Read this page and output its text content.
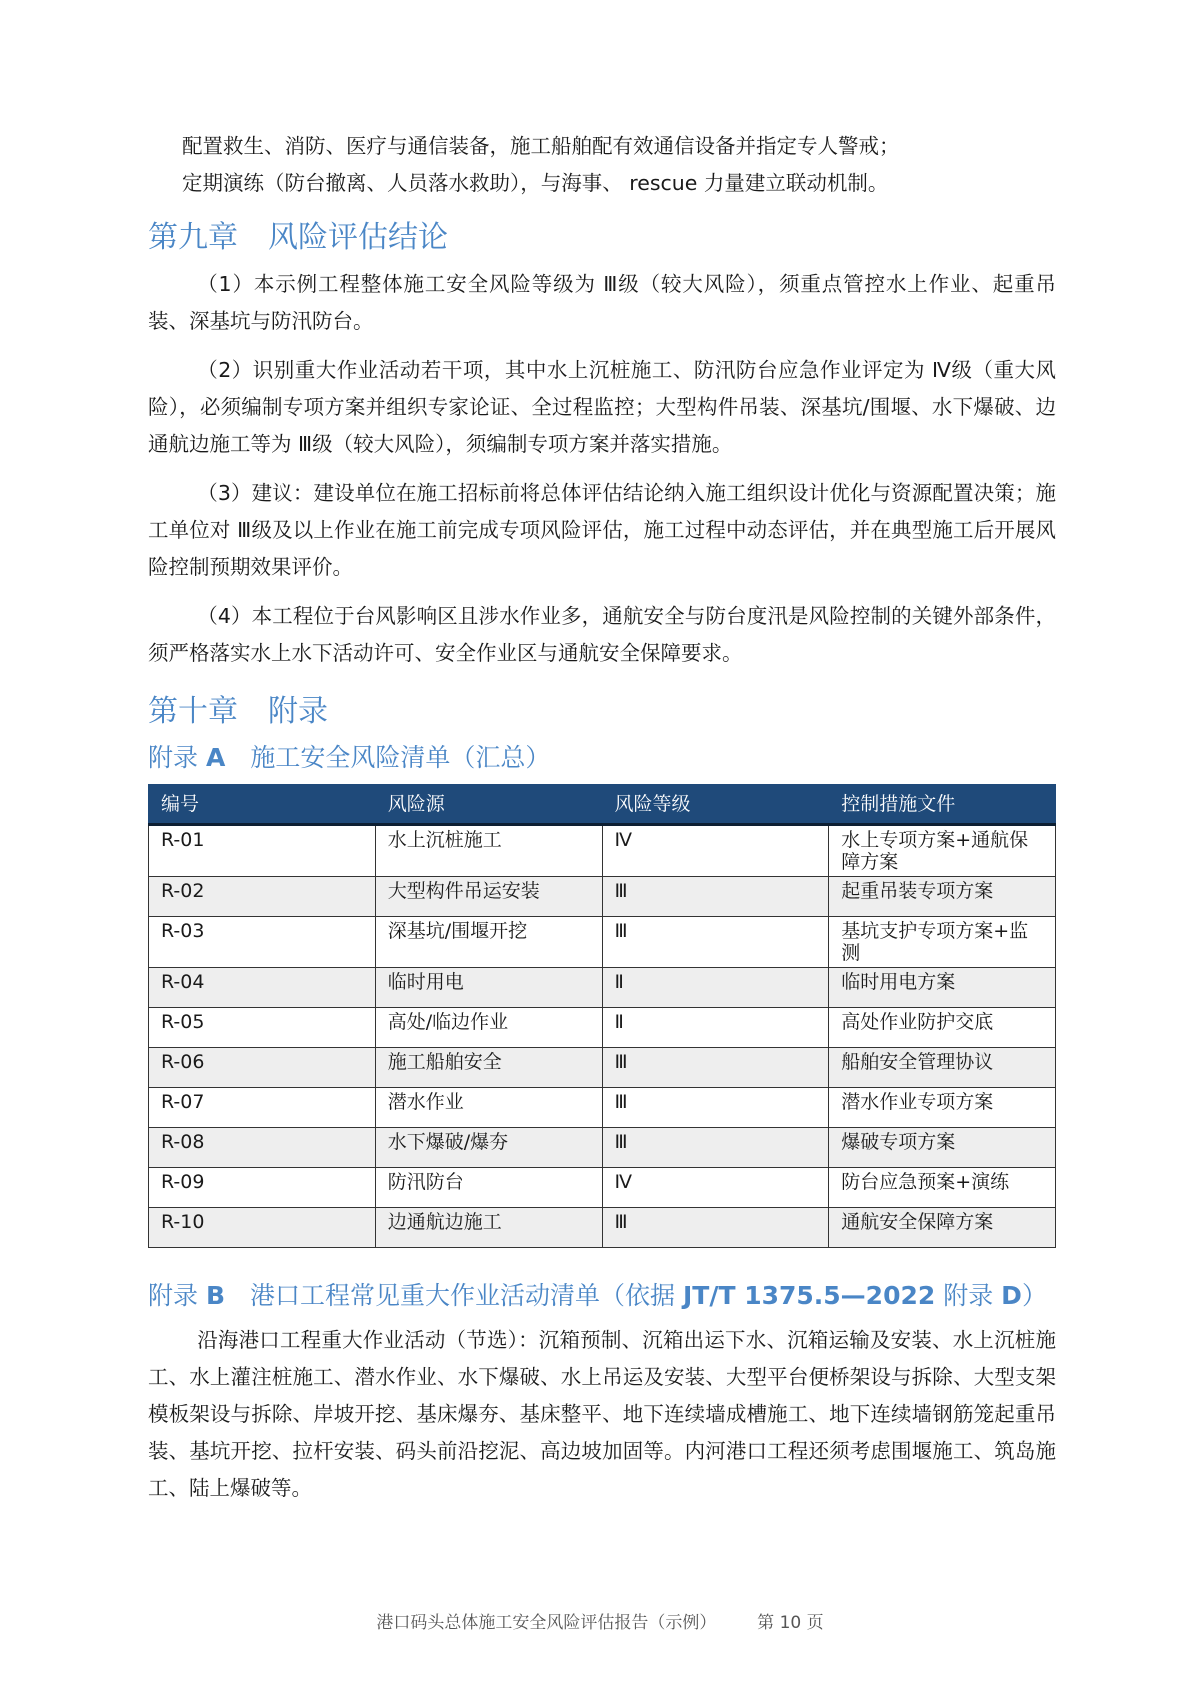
配置救生、消防、医疗与通信装备，施工船舶配有效通信设备并指定专人警戒；

定期演练（防台撤离、人员落水救助），与海事、 rescue 力量建立联动机制。

第九章　风险评估结论

（1）本示例工程整体施工安全风险等级为 Ⅲ级（较大风险），须重点管控水上作业、起重吊装、深基坑与防汛防台。

（2）识别重大作业活动若干项，其中水上沉桩施工、防汛防台应急作业评定为 Ⅳ级（重大风险），必须编制专项方案并组织专家论证、全过程监控；大型构件吊装、深基坑/围堰、水下爆破、边通航边施工等为 Ⅲ级（较大风险），须编制专项方案并落实措施。

（3）建议：建设单位在施工招标前将总体评估结论纳入施工组织设计优化与资源配置决策；施工单位对 Ⅲ级及以上作业在施工前完成专项风险评估，施工过程中动态评估，并在典型施工后开展风险控制预期效果评价。

（4）本工程位于台风影响区且涉水作业多，通航安全与防台度汛是风险控制的关键外部条件，须严格落实水上水下活动许可、安全作业区与通航安全保障要求。

第十章　附录
附录 A　施工安全风险清单（汇总）
编号	风险源	风险等级	控制措施文件
R-01	水上沉桩施工	Ⅳ	水上专项方案+通航保障方案
R-02	大型构件吊运安装	Ⅲ	起重吊装专项方案
R-03	深基坑/围堰开挖	Ⅲ	基坑支护专项方案+监测
R-04	临时用电	Ⅱ	临时用电方案
R-05	高处/临边作业	Ⅱ	高处作业防护交底
R-06	施工船舶安全	Ⅲ	船舶安全管理协议
R-07	潜水作业	Ⅲ	潜水作业专项方案
R-08	水下爆破/爆夯	Ⅲ	爆破专项方案
R-09	防汛防台	Ⅳ	防台应急预案+演练
R-10	边通航边施工	Ⅲ	通航安全保障方案
附录 B　港口工程常见重大作业活动清单（依据 JT/T 1375.5—2022 附录 D）

沿海港口工程重大作业活动（节选）：沉箱预制、沉箱出运下水、沉箱运输及安装、水上沉桩施工、水上灌注桩施工、潜水作业、水下爆破、水上吊运及安装、大型平台便桥架设与拆除、大型支架模板架设与拆除、岸坡开挖、基床爆夯、基床整平、地下连续墙成槽施工、地下连续墙钢筋笼起重吊装、基坑开挖、拉杆安装、码头前沿挖泥、高边坡加固等。内河港口工程还须考虑围堰施工、筑岛施工、陆上爆破等。

港口码头总体施工安全风险评估报告（示例） 第 10 页
